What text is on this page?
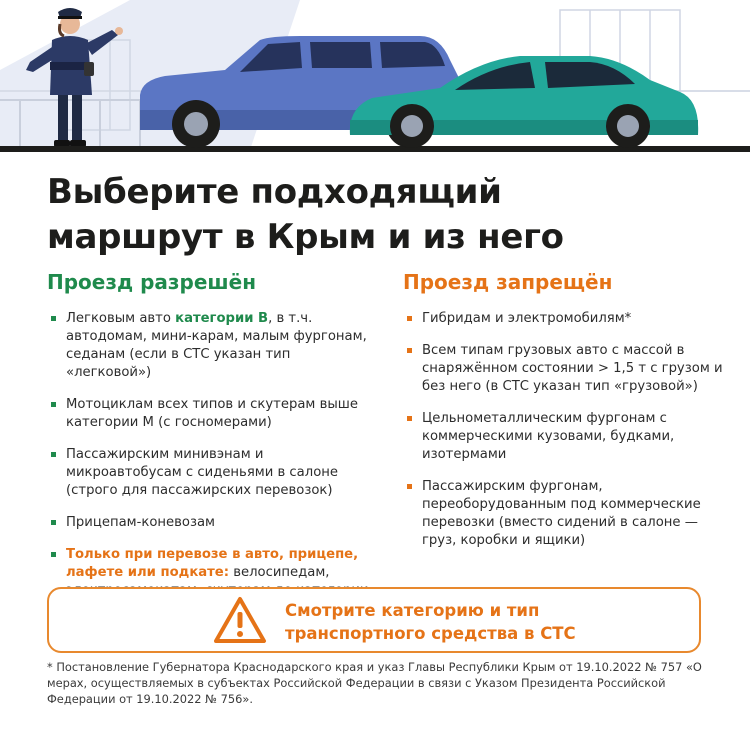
Выберите подходящий
маршрут в Крым и из него
Проезд разрешён
Легковым авто категории В, в т.ч. автодомам, мини-карам, малым фургонам, седанам (если в СТС указан тип «легковой»)
Мотоциклам всех типов и скутерам выше категории М (с госномерами)
Пассажирским минивэнам и микроавтобусам с сиденьями в салоне (строго для пассажирских перевозок)
Прицепам-коневозам
Только при перевозе в авто, прицепе, лафете или подкате: велосипедам,
Проезд запрещён
Гибридам и электромобилям*
Всем типам грузовых авто с массой в снаряжённом состоянии > 1,5 т с грузом и без него (в СТС указан тип «грузовой»)
Цельнометаллическим фургонам с коммерческими кузовами, будками, изотермами
Пассажирским фургонам, переоборудованным под коммерческие перевозки (вместо сидений в салоне — груз, коробки и ящики)
Смотрите категорию и тип
транспортного средства в СТС
* Постановление Губернатора Краснодарского края и указ Главы Республики Крым от 19.10.2022 № 757 «О мерах, осуществляемых в субъектах Российской Федерации в связи с Указом Президента Российской Федерации от 19.10.2022 № 756».
